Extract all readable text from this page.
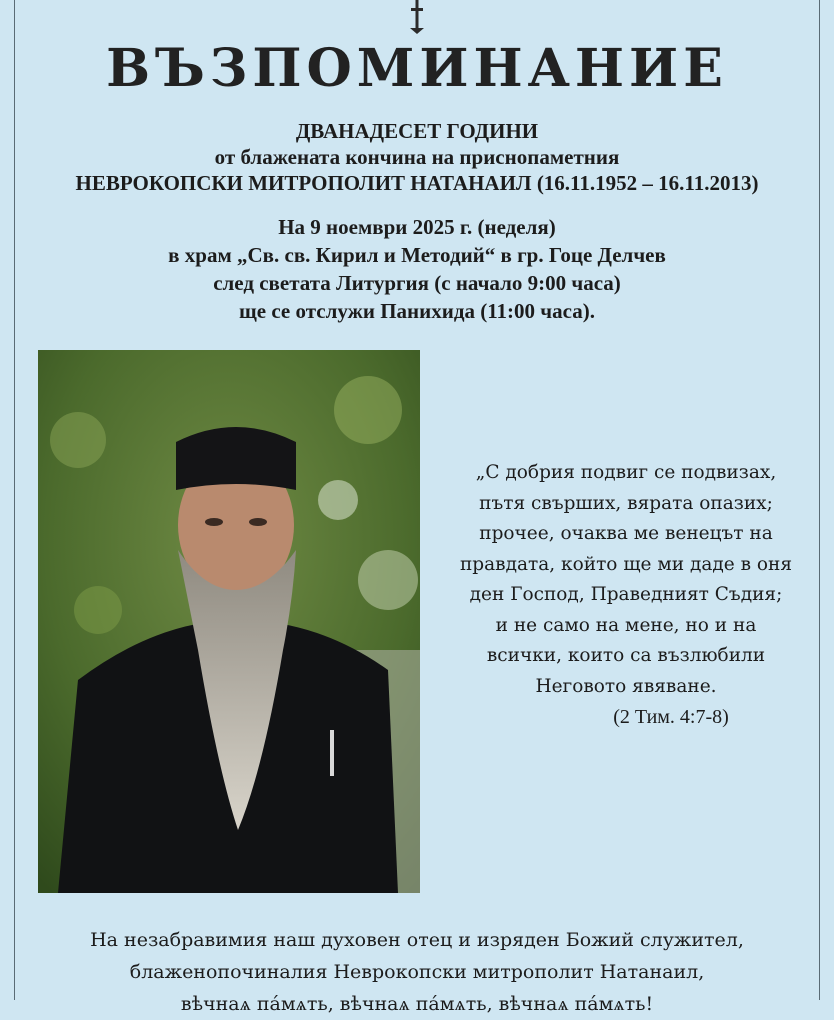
ВЪЗПОМИНАНИЕ
ДВАНАДЕСЕТ ГОДИНИ
от блажената кончина на приснопаметния
НЕВРОКОПСКИ МИТРОПОЛИТ НАТАНАИЛ (16.11.1952 – 16.11.2013)
На 9 ноември 2025 г. (неделя)
в храм „Св. св. Кирил и Методий“ в гр. Гоце Делчев
след светата Литургия (с начало 9:00 часа)
ще се отслужи Панихида (11:00 часа).
„С добрия подвиг се подвизах,
пътя свърших, вярата опазих;
прочее, очаква ме венецът на
правдата, който ще ми даде в оня
ден Господ, Праведният Съдия;
и не само на мене, но и на
всички, които са възлюбили
Неговото явяване.
(2 Тим. 4:7-8)
На незабравимия наш духовен отец и изряден Божий служител,
блаженопочиналия Неврокопски митрополит Натанаил,
вѣчнаѧ пáмѧть, вѣчнаѧ пáмѧть, вѣчнаѧ пáмѧть!
